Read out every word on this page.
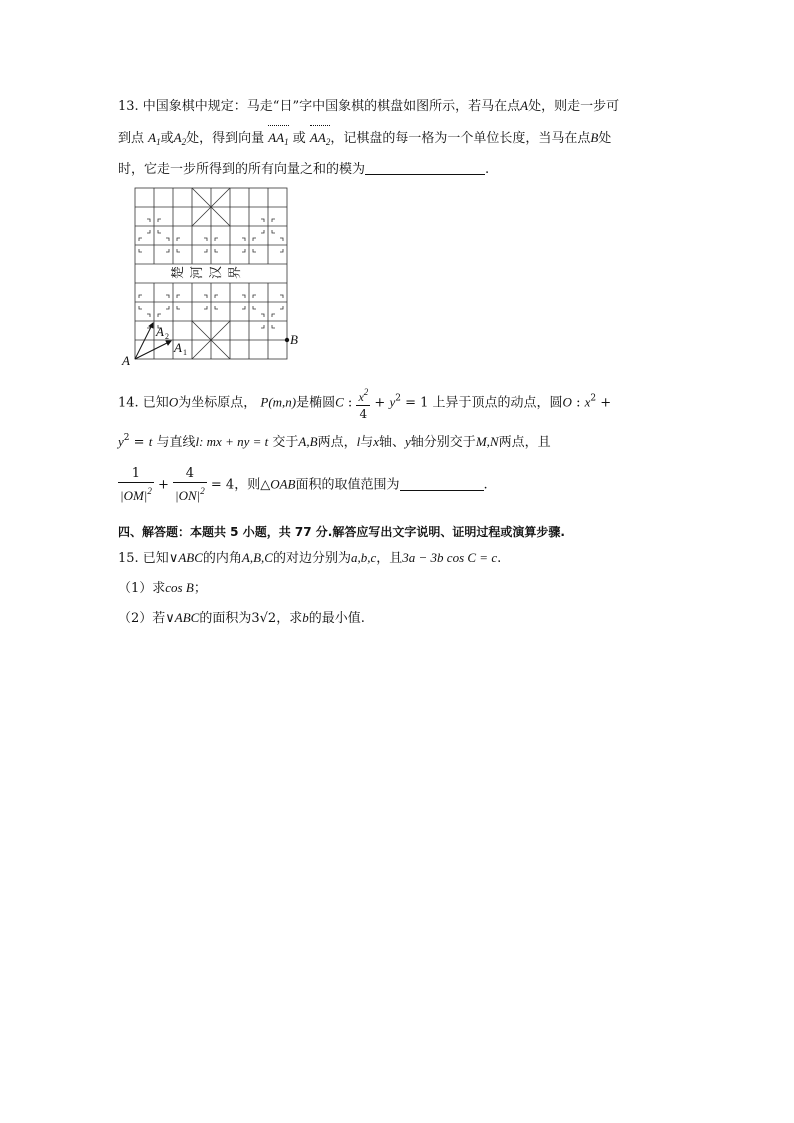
13. 中国象棋中规定：马走“日”字中国象棋的棋盘如图所示，若马在点A处，则走一步可
到点 $A_1$或$A_2$处，得到向量 $AA_1$ 或 $AA_2$，记棋盘的每一格为一个单位长度，当马在点B处
时，它走一步所得到的所有向量之和的模为	.
楚 河 汉 界
A
A
A
B
2
1
14. 已知O为坐标原点， P(m,n)是椭圆C : $\frac{x^2}{4} + y^2 = 1$ 上异于顶点的动点，圆O : $x^2$ +
$y^2 = t$ 与直线l: mx + ny = t 交于A,B两点，l与x轴、y轴分别交于M,N两点，且
$\frac{1}{|OM|^2} + \frac{4}{|ON|^2} = 4$，则△OAB面积的取值范围为	.
四、解答题：本题共 5 小题，共 77 分.解答应写出文字说明、证明过程或演算步骤.
15. 已知∨ABC的内角A,B,C的对边分别为a,b,c，且3a − 3b cos C = c.
（1）求cos B；
（2）若∨ABC的面积为3√2，求b的最小值.
